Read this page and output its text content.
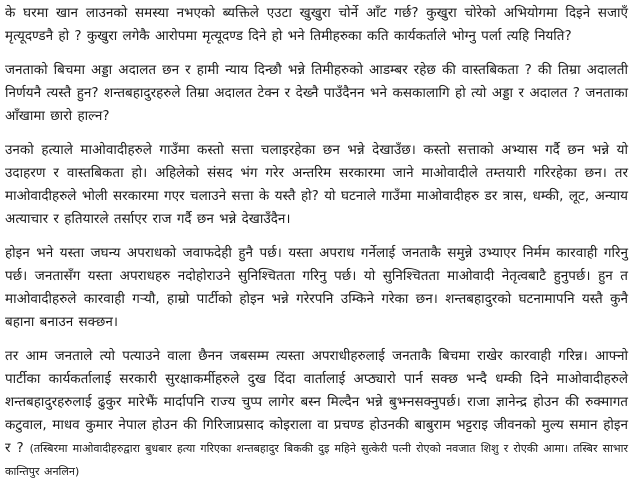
के घरमा खान लाउनको समस्या नभएको ब्यक्तिले एउटा खुखुरा चोर्ने आँट गर्छ? कुखुरा चोरेको अभियोगमा दिइने सजाएँ मृत्यूदण्डनै हो ? कुखुरा लगेकै आरोपमा मृत्यूदण्ड दिने हो भने तिमीहरुका कति कार्यकर्ताले भोग्नु पर्ला त्यहि नियति?

जनताको बिचमा अड्डा अदालत छन र हामी न्याय दिन्छौ भन्ने तिमीहरुको आडम्बर रहेछ की वास्तबिकता ? की तिम्रा अदालती निर्णयनै त्यस्तै हुन? शन्तबहादुरहरुले तिम्रा अदालत टेक्न र देख्नै पाउँदैनन भने कसकालागि हो त्यो अड्डा र अदालत ? जनताका आँखामा छारो हाल्न?

उनको हत्याले माओवादीहरुले गाउँमा कस्तो सत्ता चलाइरहेका छन भन्ने देखाउँछ। कस्तो सत्ताको अभ्यास गर्दै छन भन्ने यो उदाहरण र वास्तबिकता हो। अहिलेको संसद भंग गरेर अन्तरिम सरकारमा जाने माओवादीले तम्तयारी गरिरहेका छन। तर माओवादीहरुले भोली सरकारमा गएर चलाउने सत्ता के यस्तै हो? यो घटनाले गाउँमा माओवादीहरु डर त्रास, धम्की, लूट, अन्याय अत्याचार र हतियारले तर्साएर राज गर्दै छन भन्ने देखाउँदैन।

होइन भने यस्ता जघन्य अपराधको जवाफदेही हुनै पर्छ। यस्ता अपराध गर्नेलाई जनताकै समुन्ने उभ्याएर निर्मम कारवाही गरिनु पर्छ। जनतासँग यस्ता अपराधहरु नदोहोराउने सुनिश्चितता गरिनु पर्छ। यो सुनिश्चितता माओवादी नेतृत्वबाटै हुनुपर्छ। हुन त माओवादीहरुले कारवाही गऱ्यौ, हाम्रो पार्टीको होइन भन्ने गरेरपनि उम्किने गरेका छन। शन्तबहादुरको घटनामापनि यस्तै कुनै बहाना बनाउन सक्छन।

तर आम जनताले त्यो पत्याउने वाला छैनन जबसम्म त्यस्ता अपराधीहरुलाई जनताकै बिचमा राखेर कारवाही गरिन्न। आफ्नो पार्टीका कार्यकर्तालाई सरकारी सुरक्षाकर्मीहरुले दुख दिंदा वार्तालाई अप्ठ्यारो पार्न सक्छ भन्दै धम्की दिने माओवादीहरुले शन्तबहादुरहरुलाई ढुकुर मारेझैं मार्दापनि राज्य चुप्प लागेर बस्न मिल्दैन भन्ने बुझ्नसक्नुपर्छ। राजा ज्ञानेन्द्र होउन की रुक्मागत कटुवाल, माधव कुमार नेपाल होउन की गिरिजाप्रसाद कोइराला वा प्रचण्ड होउनकी बाबुराम भट्टराइ जीवनको मुल्य समान होइन र ? (तस्बिरमा माओवादीहरुद्वारा बुधबार हत्या गरिएका शन्तबहादुर बिककी दुइ महिने सुत्केरी पत्नी रोएको नवजात शिशु र रोएकी आमा। तस्बिर साभार कान्तिपुर अनलिन)
